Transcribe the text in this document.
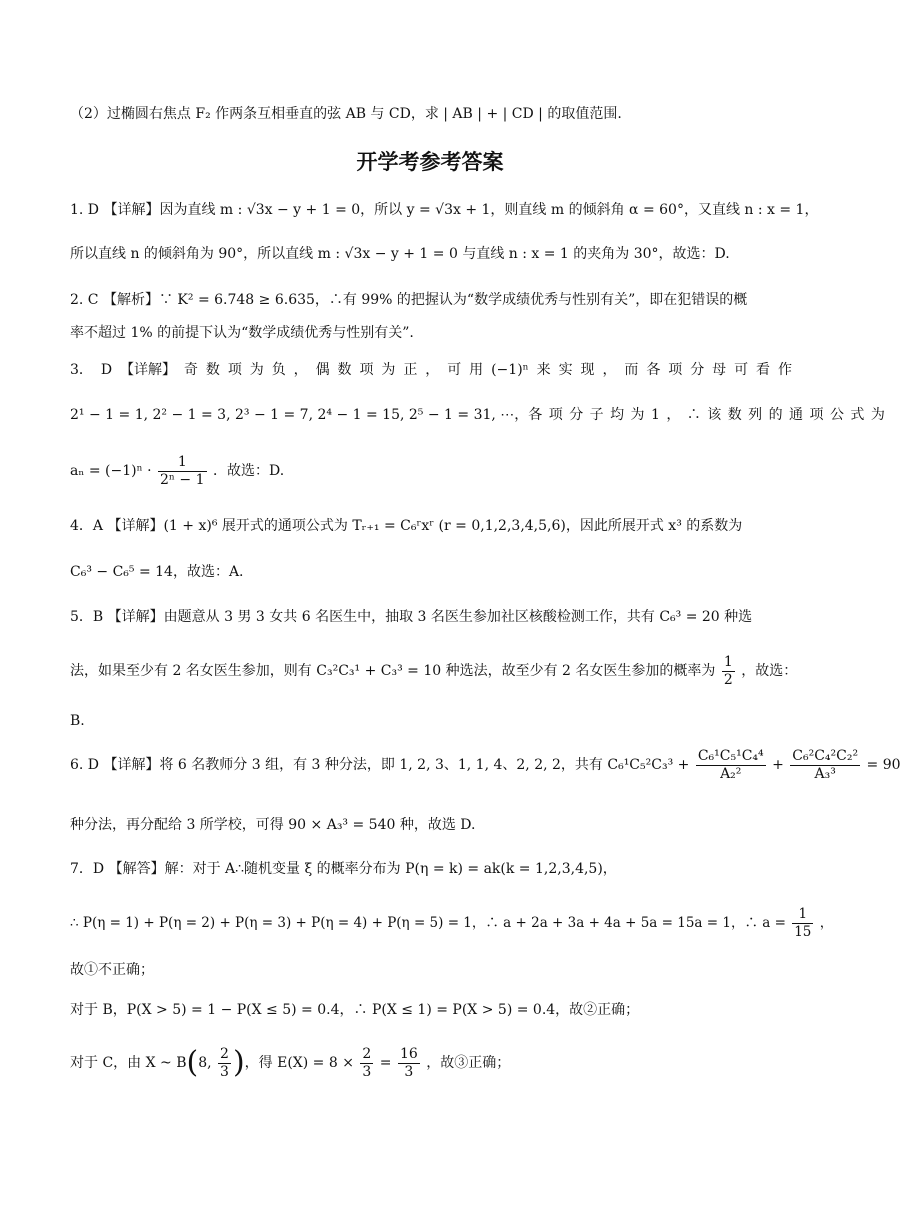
（2）过椭圆右焦点 F₂ 作两条互相垂直的弦 AB 与 CD，求 | AB | + | CD | 的取值范围.
开学考参考答案
1. D 【详解】因为直线 m : √3x − y + 1 = 0，所以 y = √3x + 1，则直线 m 的倾斜角 α = 60°，又直线 n : x = 1，
所以直线 n 的倾斜角为 90°，所以直线 m : √3x − y + 1 = 0 与直线 n : x = 1 的夹角为 30°，故选：D.
2. C 【解析】∵ K² = 6.748 ≥ 6.635，∴有 99% 的把握认为“数学成绩优秀与性别有关”，即在犯错误的概
率不超过 1% 的前提下认为“数学成绩优秀与性别有关”.
3． D 【详解】 奇 数 项 为 负 ， 偶 数 项 为 正 ， 可 用 (−1)ⁿ 来 实 现 ， 而 各 项 分 母 可 看 作
2¹ − 1 = 1, 2² − 1 = 3, 2³ − 1 = 7, 2⁴ − 1 = 15, 2⁵ − 1 = 31, ⋯， 各 项 分 子 均 为 1 ， ∴ 该 数 列 的 通 项 公 式 为
$a_n = (-1)^n \cdot \frac{1}{\text{2ⁿ − 1}}$ ．故选：D.
4．A 【详解】(1 + x)⁶ 展开式的通项公式为 Tᵣ₊₁ = C₆ʳxʳ (r = 0,1,2,3,4,5,6)，因此所展开式 x³ 的系数为
C₆³ − C₆⁵ = 14，故选：A.
5．B 【详解】由题意从 3 男 3 女共 6 名医生中，抽取 3 名医生参加社区核酸检测工作，共有 C₆³ = 20 种选
法，如果至少有 2 名女医生参加，则有 C₃²C₃¹ + C₃³ = 10 种选法，故至少有 2 名女医生参加的概率为 $\frac{1}{2}$ ，故选：
B.
6. D 【详解】将 6 名教师分 3 组，有 3 种分法，即 1, 2, 3、1, 1, 4、2, 2, 2，共有 $C_6^1C_5^2C_3^3 + \frac{\text{C₆¹C₅¹C₄⁴}}{\text{A₂²}} + \frac{\text{C₆²C₄²C₂²}}{\text{A₃³}} = 90$
种分法，再分配给 3 所学校，可得 90 × A₃³ = 540 种，故选 D.
7．D 【解答】解：对于 A∴随机变量 ξ 的概率分布为 P(η = k) = ak(k = 1,2,3,4,5)，
∴ P(η = 1) + P(η = 2) + P(η = 3) + P(η = 4) + P(η = 5) = 1，∴ a + 2a + 3a + 4a + 5a = 15a = 1，∴ $a = \frac{1}{15}$ ，
故①不正确；
对于 B，P(X > 5) = 1 − P(X ≤ 5) = 0.4，∴ P(X ≤ 1) = P(X > 5) = 0.4，故②正确；
对于 C，由 X ~ B(8, $\frac{2}{3}$ )，得 $E(X) = 8 \times \frac{2}{3} = \frac{16}{3}$ ，故③正确；
